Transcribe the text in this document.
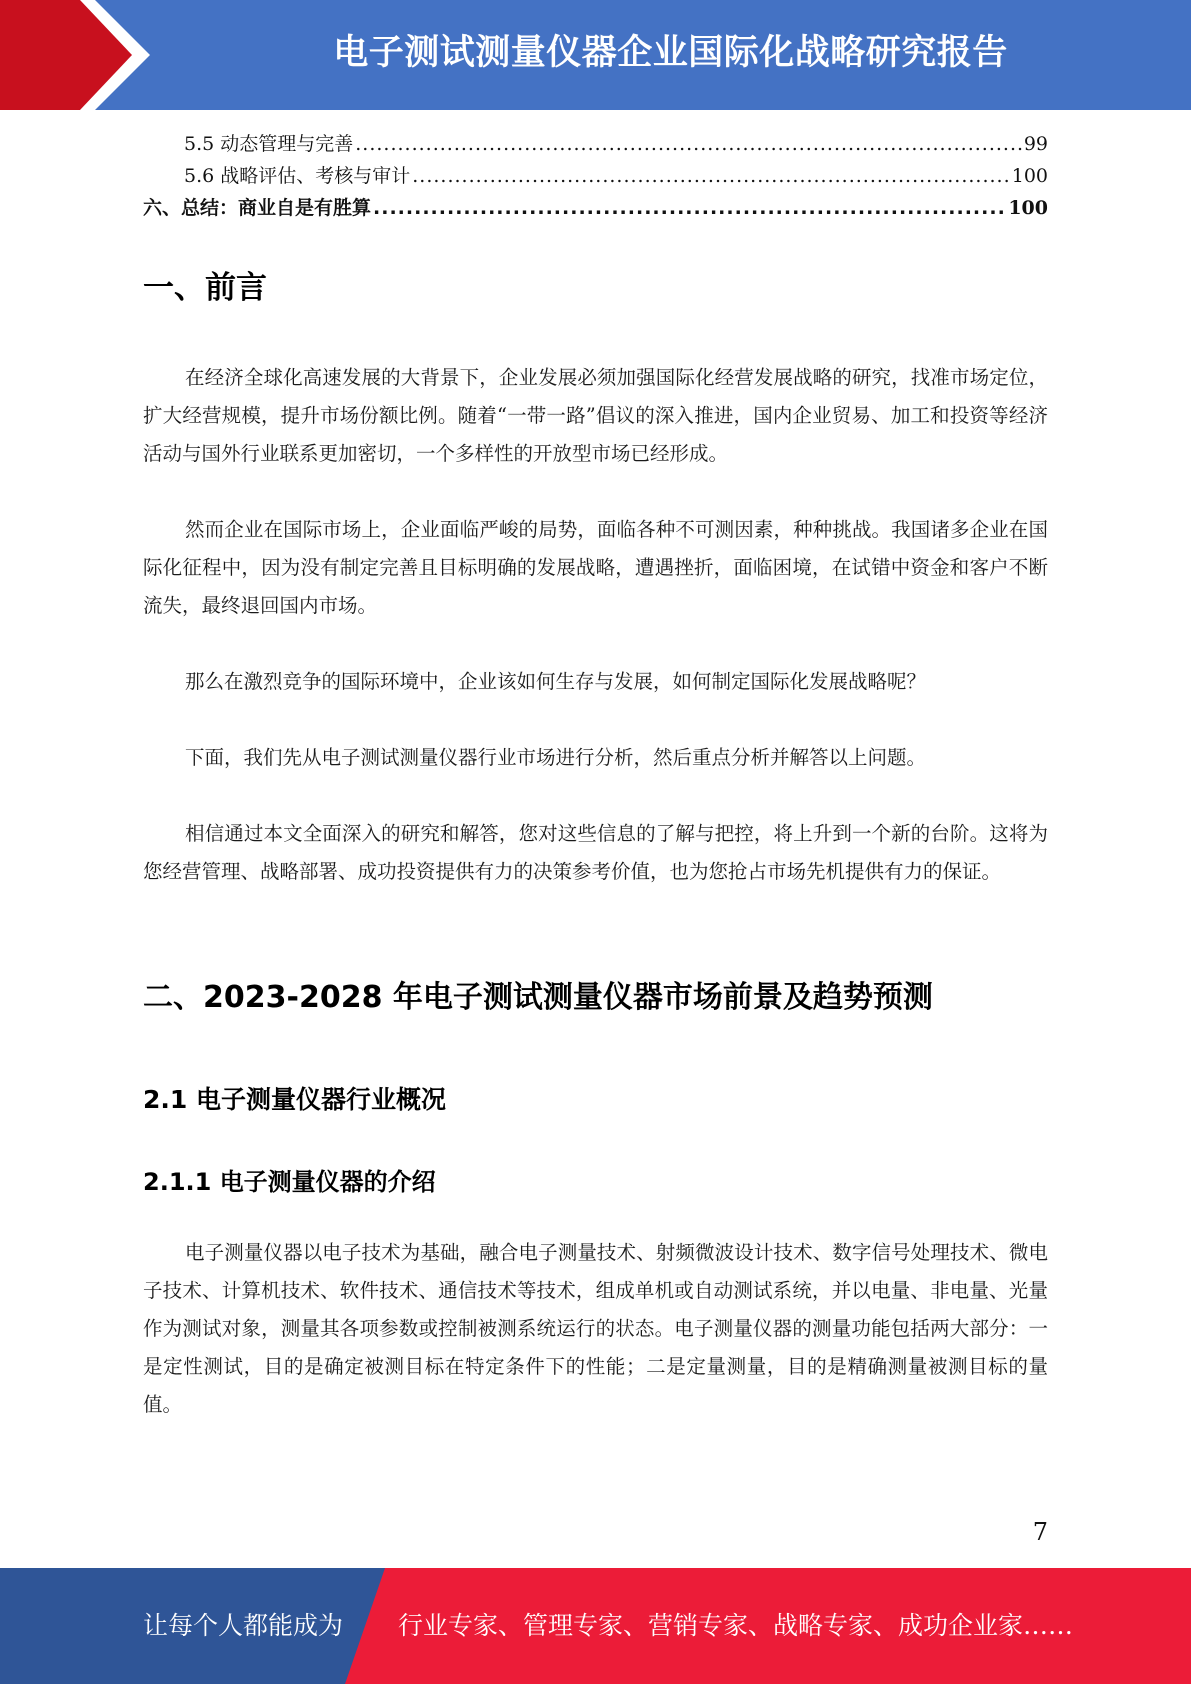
电子测试测量仪器企业国际化战略研究报告
5.5 动态管理与完善 .....	99
5.6 战略评估、考核与审计 .....	100
六、总结：商业自是有胜算 .....	100
一、前言

在经济全球化高速发展的大背景下，企业发展必须加强国际化经营发展战略的研究，找准市场定位，扩大经营规模，提升市场份额比例。随着“一带一路”倡议的深入推进，国内企业贸易、加工和投资等经济活动与国外行业联系更加密切，一个多样性的开放型市场已经形成。

然而企业在国际市场上，企业面临严峻的局势，面临各种不可测因素，种种挑战。我国诸多企业在国际化征程中，因为没有制定完善且目标明确的发展战略，遭遇挫折，面临困境，在试错中资金和客户不断流失，最终退回国内市场。

那么在激烈竞争的国际环境中，企业该如何生存与发展，如何制定国际化发展战略呢？

下面，我们先从电子测试测量仪器行业市场进行分析，然后重点分析并解答以上问题。

相信通过本文全面深入的研究和解答，您对这些信息的了解与把控，将上升到一个新的台阶。这将为您经营管理、战略部署、成功投资提供有力的决策参考价值，也为您抢占市场先机提供有力的保证。

二、2023-2028 年电子测试测量仪器市场前景及趋势预测
2.1 电子测量仪器行业概况
2.1.1 电子测量仪器的介绍

电子测量仪器以电子技术为基础，融合电子测量技术、射频微波设计技术、数字信号处理技术、微电子技术、计算机技术、软件技术、通信技术等技术，组成单机或自动测试系统，并以电量、非电量、光量作为测试对象，测量其各项参数或控制被测系统运行的状态。电子测量仪器的测量功能包括两大部分：一是定性测试，目的是确定被测目标在特定条件下的性能；二是定量测量，目的是精确测量被测目标的量值。

7
让每个人都能成为 行业专家、管理专家、营销专家、战略专家、成功企业家……
